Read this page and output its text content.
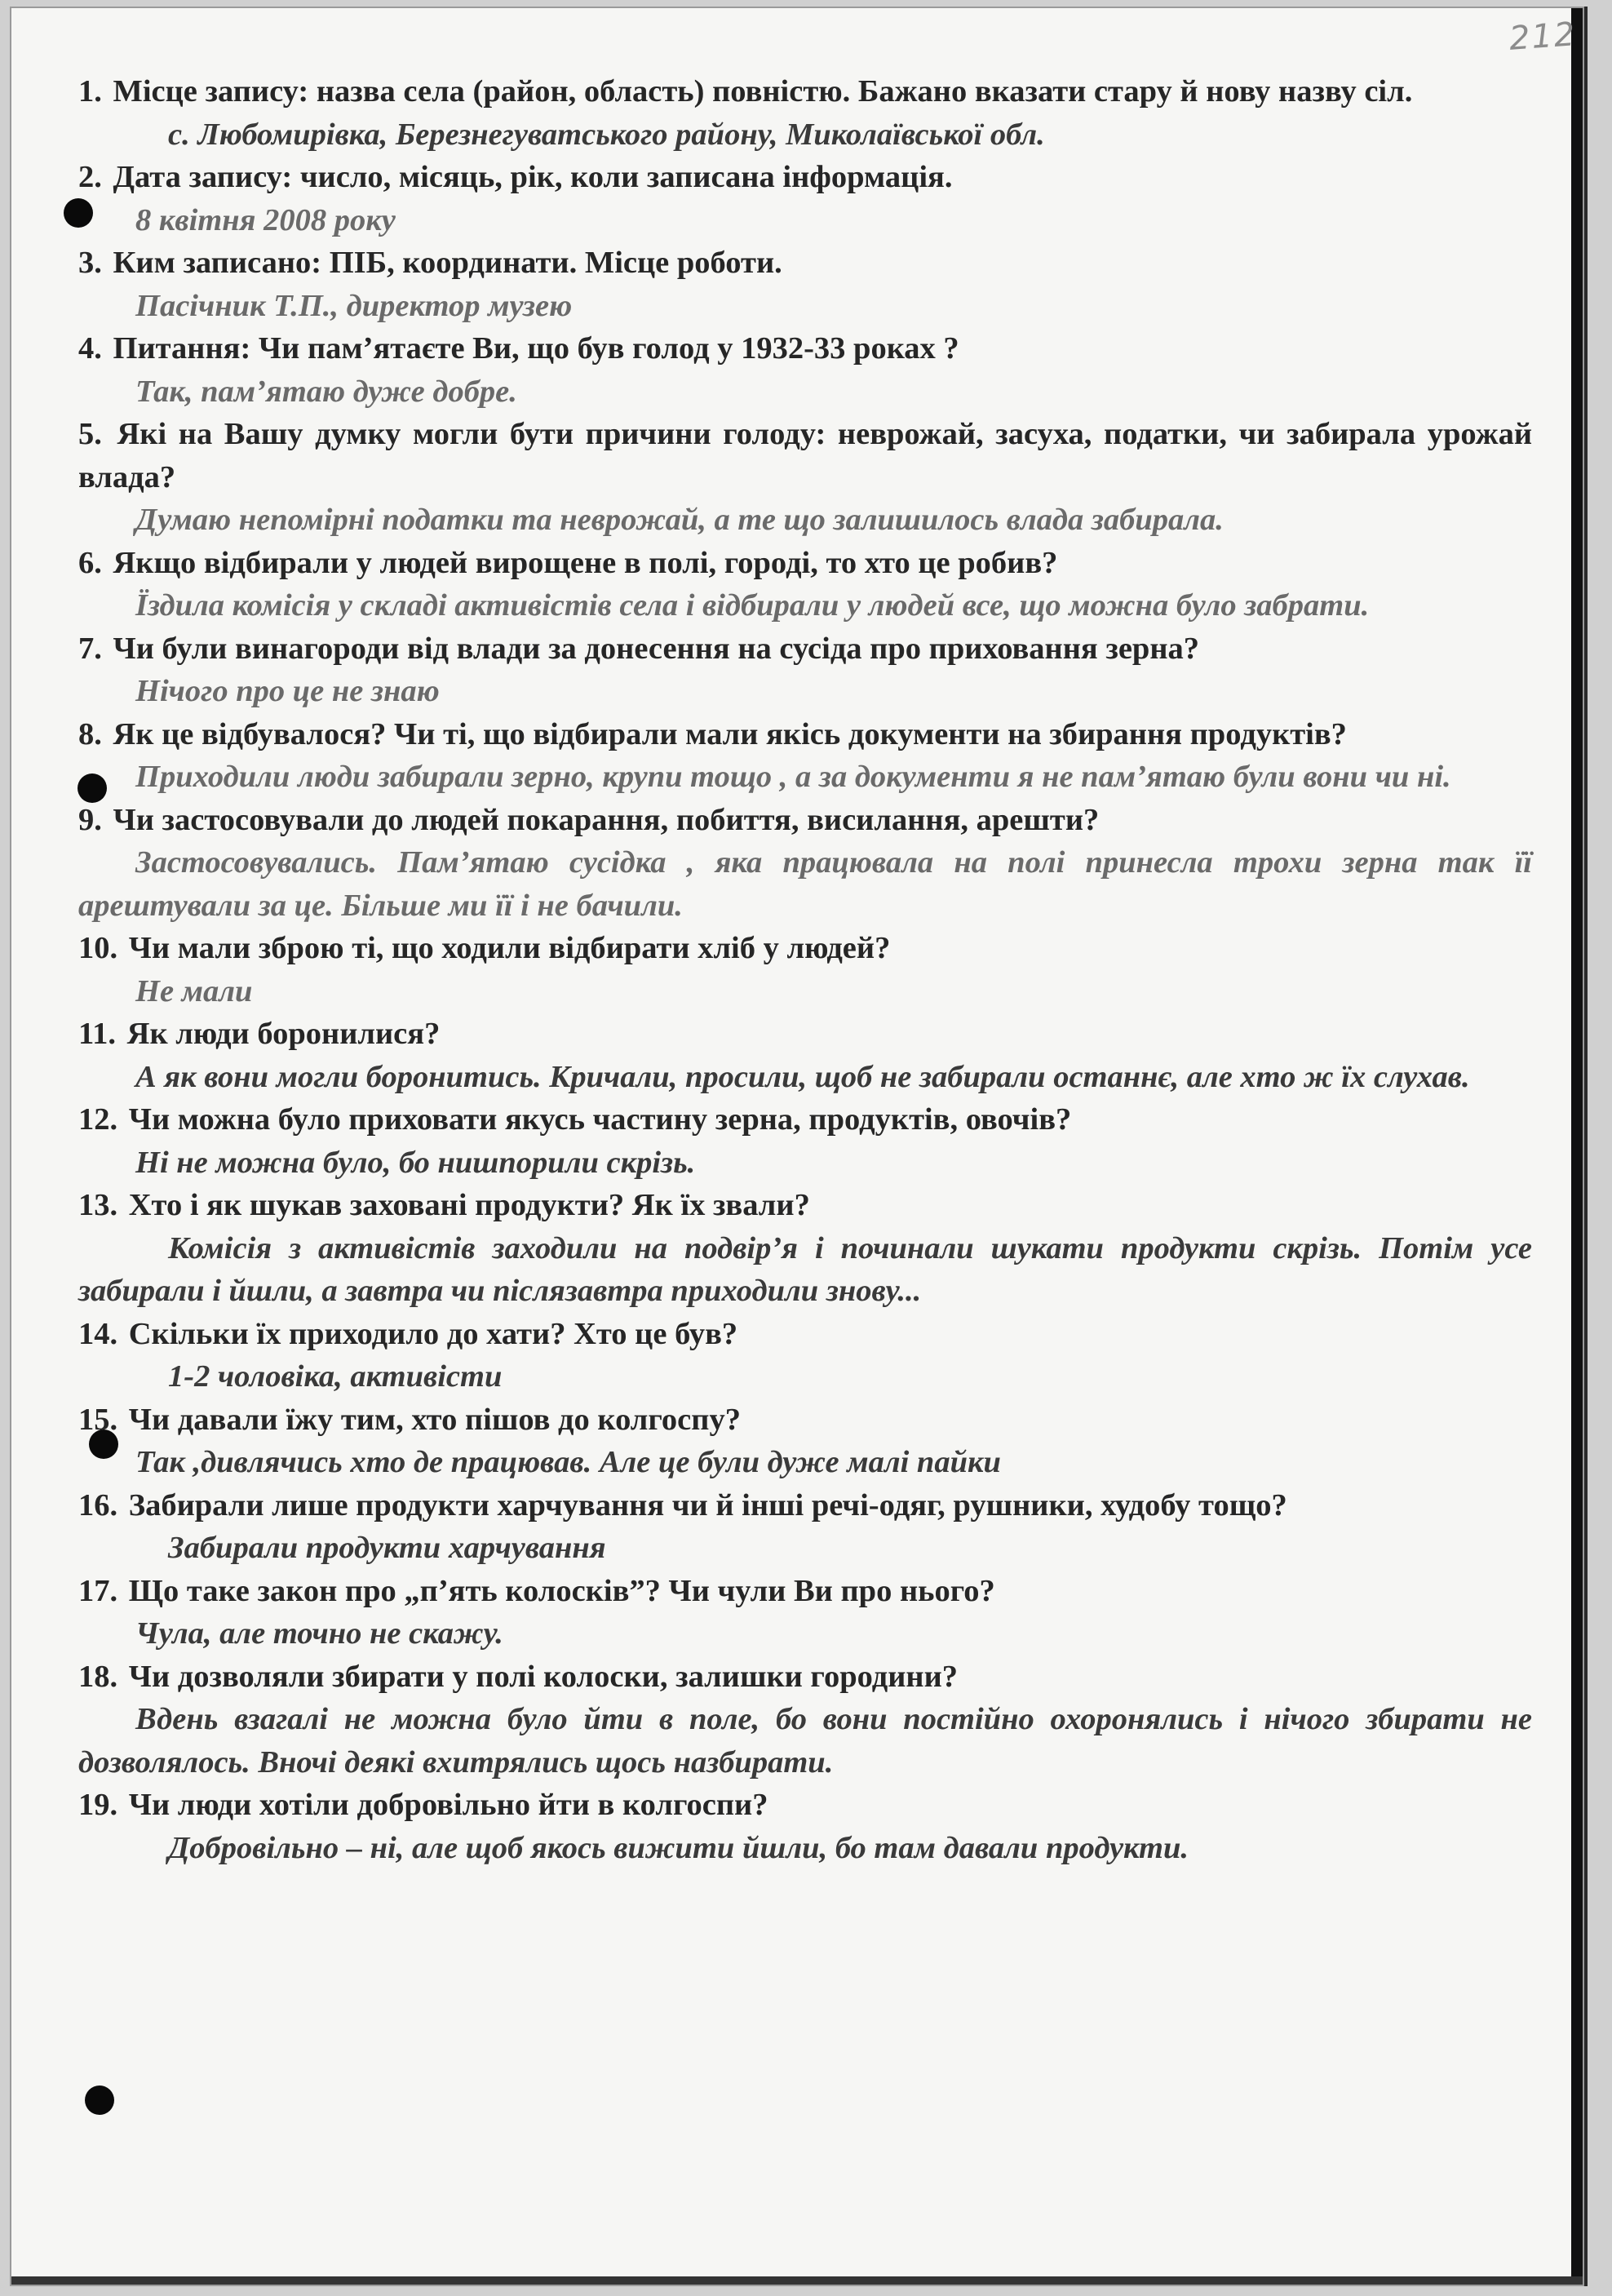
212
1. Місце запису: назва села (район, область) повністю. Бажано вказати стару й нову назву сіл.
с. Любомирівка, Березнегуватського району, Миколаївської обл.
2. Дата запису: число, місяць, рік, коли записана інформація.
8 квітня 2008 року
3. Ким записано: ПІБ, координати. Місце роботи.
Пасічник Т.П., директор музею
4. Питання: Чи пам’ятаєте Ви, що був голод у 1932-33 роках ?
Так, пам’ятаю дуже добре.
5. Які на Вашу думку могли бути причини голоду: неврожай, засуха, податки, чи забирала урожай влада?
Думаю непомірні податки та неврожай, а те що залишилось влада забирала.
6. Якщо відбирали у людей вирощене в полі, городі, то хто це робив?
Їздила комісія у складі активістів села і відбирали у людей все, що можна було забрати.
7. Чи були винагороди від влади за донесення на сусіда про приховання зерна?
Нічого про це не знаю
8. Як це відбувалося? Чи ті, що відбирали мали якісь документи на збирання продуктів?
Приходили люди забирали зерно, крупи тощо , а за документи я не пам’ятаю були вони чи ні.
9. Чи застосовували до людей покарання, побиття, висилання, арешти?
Застосовувались. Пам’ятаю сусідка , яка працювала на полі принесла трохи зерна так її арештували за це. Більше ми її і не бачили.
10. Чи мали зброю ті, що ходили відбирати хліб у людей?
Не мали
11. Як люди боронилися?
А як вони могли боронитись. Кричали, просили, щоб не забирали останнє, але хто ж їх слухав.
12. Чи можна було приховати якусь частину зерна, продуктів, овочів?
Ні не можна було, бо нишпорили скрізь.
13. Хто і як шукав заховані продукти? Як їх звали?
Комісія з активістів заходили на подвір’я і починали шукати продукти скрізь. Потім усе забирали і йшли, а завтра чи післязавтра приходили знову...
14. Скільки їх приходило до хати? Хто це був?
1-2 чоловіка, активісти
15. Чи давали їжу тим, хто пішов до колгоспу?
Так ,дивлячись хто де працював. Але це були дуже малі пайки
16. Забирали лише продукти харчування чи й інші речі-одяг, рушники, худобу тощо?
Забирали продукти харчування
17. Що таке закон про „п’ять колосків”? Чи чули Ви про нього?
Чула, але точно не скажу.
18. Чи дозволяли збирати у полі колоски, залишки городини?
Вдень взагалі не можна було йти в поле, бо вони постійно охоронялись і нічого збирати не дозволялось. Вночі деякі вхитрялись щось назбирати.
19. Чи люди хотіли добровільно йти в колгоспи?
Добровільно – ні, але щоб якось вижити йшли, бо там давали продукти.
